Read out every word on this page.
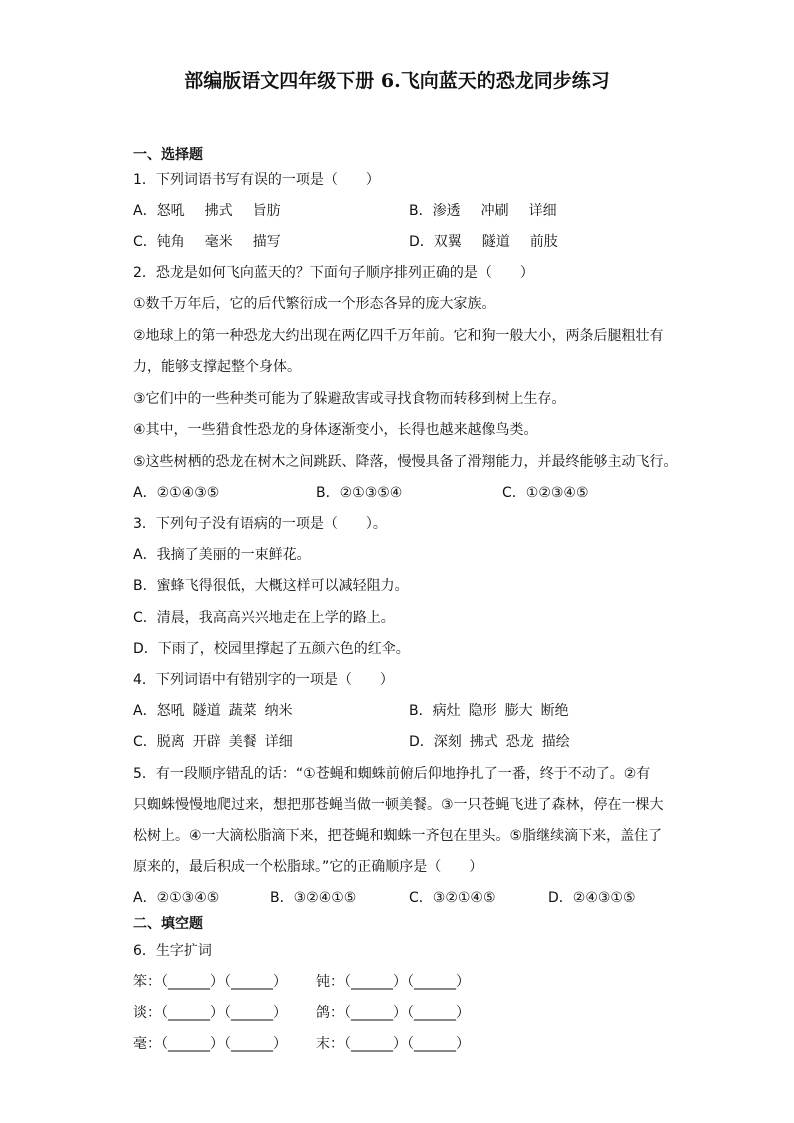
部编版语文四年级下册 6.飞向蓝天的恐龙同步练习
一、选择题
1．下列词语书写有误的一项是（　　）
A．怒吼 拂式 旨肪	B．渗透 冲刷 详细
C．钝角 毫米 描写	D．双翼 隧道 前肢
2．恐龙是如何飞向蓝天的？下面句子顺序排列正确的是（　　）
①数千万年后，它的后代繁衍成一个形态各异的庞大家族。
②地球上的第一种恐龙大约出现在两亿四千万年前。它和狗一般大小，两条后腿粗壮有
力，能够支撑起整个身体。
③它们中的一些种类可能为了躲避敌害或寻找食物而转移到树上生存。
④其中，一些猎食性恐龙的身体逐渐变小，长得也越来越像鸟类。
⑤这些树栖的恐龙在树木之间跳跃、降落，慢慢具备了滑翔能力，并最终能够主动飞行。
A．②①④③⑤	B．②①③⑤④	C．①②③④⑤
3．下列句子没有语病的一项是（　　）。
A．我摘了美丽的一束鲜花。
B．蜜蜂飞得很低，大概这样可以减轻阻力。
C．清晨，我高高兴兴地走在上学的路上。
D．下雨了，校园里撑起了五颜六色的红伞。
4．下列词语中有错别字的一项是（　　）
A．怒吼 隧道 蔬菜 纳米	B．病灶 隐形 膨大 断绝
C．脱离 开辟 美餐 详细	D．深刻 拂式 恐龙 描绘
5．有一段顺序错乱的话：“①苍蝇和蜘蛛前俯后仰地挣扎了一番，终于不动了。②有
只蜘蛛慢慢地爬过来，想把那苍蝇当做一顿美餐。③一只苍蝇飞进了森林，停在一棵大
松树上。④一大滴松脂滴下来，把苍蝇和蜘蛛一齐包在里头。⑤脂继续滴下来，盖住了
原来的，最后积成一个松脂球。”它的正确顺序是（　　）
A．②①③④⑤	B．③②④①⑤	C．③②①④⑤	D．②④③①⑤
二、填空题
6．生字扩词
笨：（______）（______） 钝：（______）（______）
谈：（______）（______） 鸽：（______）（______）
毫：（______）（______） 末：（______）（______）
